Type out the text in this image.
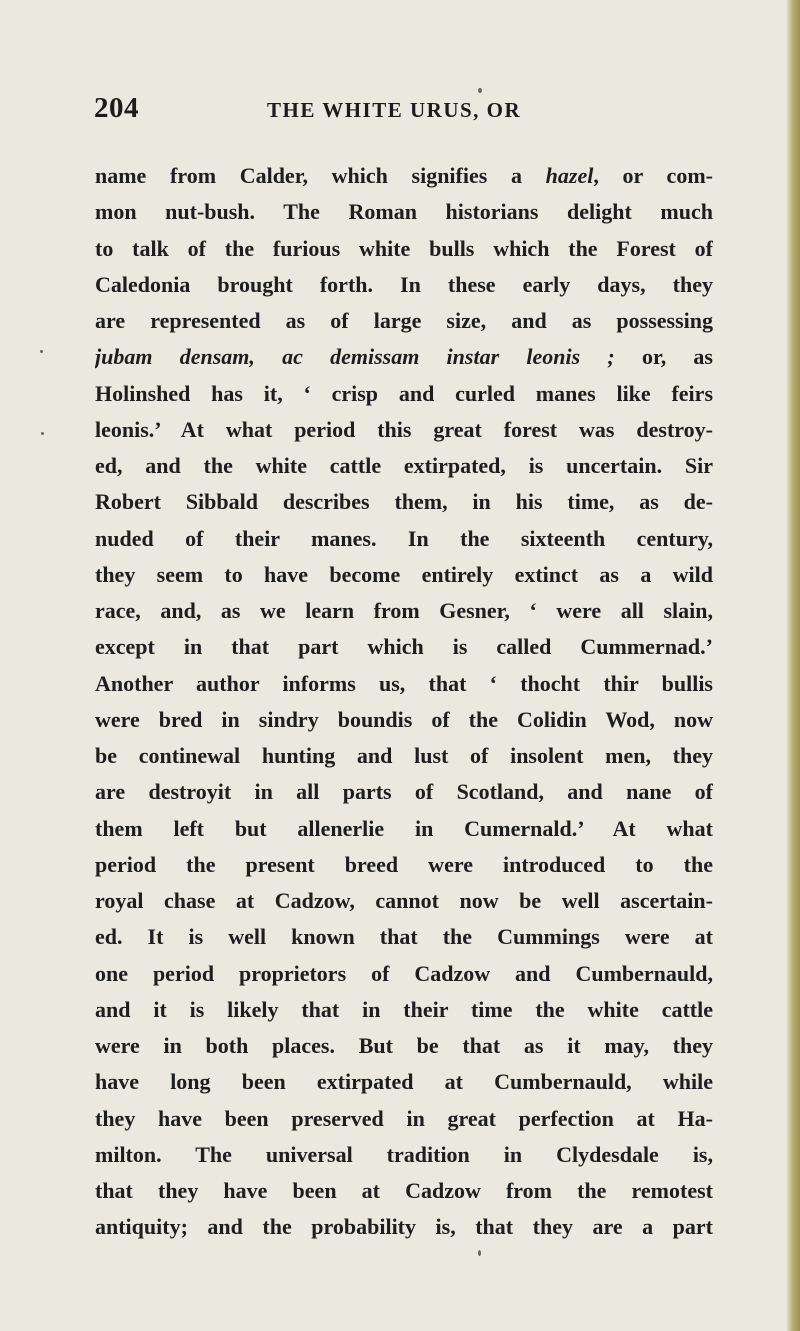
204	THE WHITE URUS, OR
name from Calder, which signifies a hazel, or com-
mon nut-bush. The Roman historians delight much
to talk of the furious white bulls which the Forest of
Caledonia brought forth. In these early days, they
are represented as of large size, and as possessing
jubam densam, ac demissam instar leonis ; or, as
Holinshed has it, ‘ crisp and curled manes like feirs
leonis.’ At what period this great forest was destroy-
ed, and the white cattle extirpated, is uncertain. Sir
Robert Sibbald describes them, in his time, as de-
nuded of their manes. In the sixteenth century,
they seem to have become entirely extinct as a wild
race, and, as we learn from Gesner, ‘ were all slain,
except in that part which is called Cummernad.’
Another author informs us, that ‘ thocht thir bullis
were bred in sindry boundis of the Colidin Wod, now
be continewal hunting and lust of insolent men, they
are destroyit in all parts of Scotland, and nane of
them left but allenerlie in Cumernald.’ At what
period the present breed were introduced to the
royal chase at Cadzow, cannot now be well ascertain-
ed. It is well known that the Cummings were at
one period proprietors of Cadzow and Cumbernauld,
and it is likely that in their time the white cattle
were in both places. But be that as it may, they
have long been extirpated at Cumbernauld, while
they have been preserved in great perfection at Ha-
milton. The universal tradition in Clydesdale is,
that they have been at Cadzow from the remotest
antiquity; and the probability is, that they are a part
